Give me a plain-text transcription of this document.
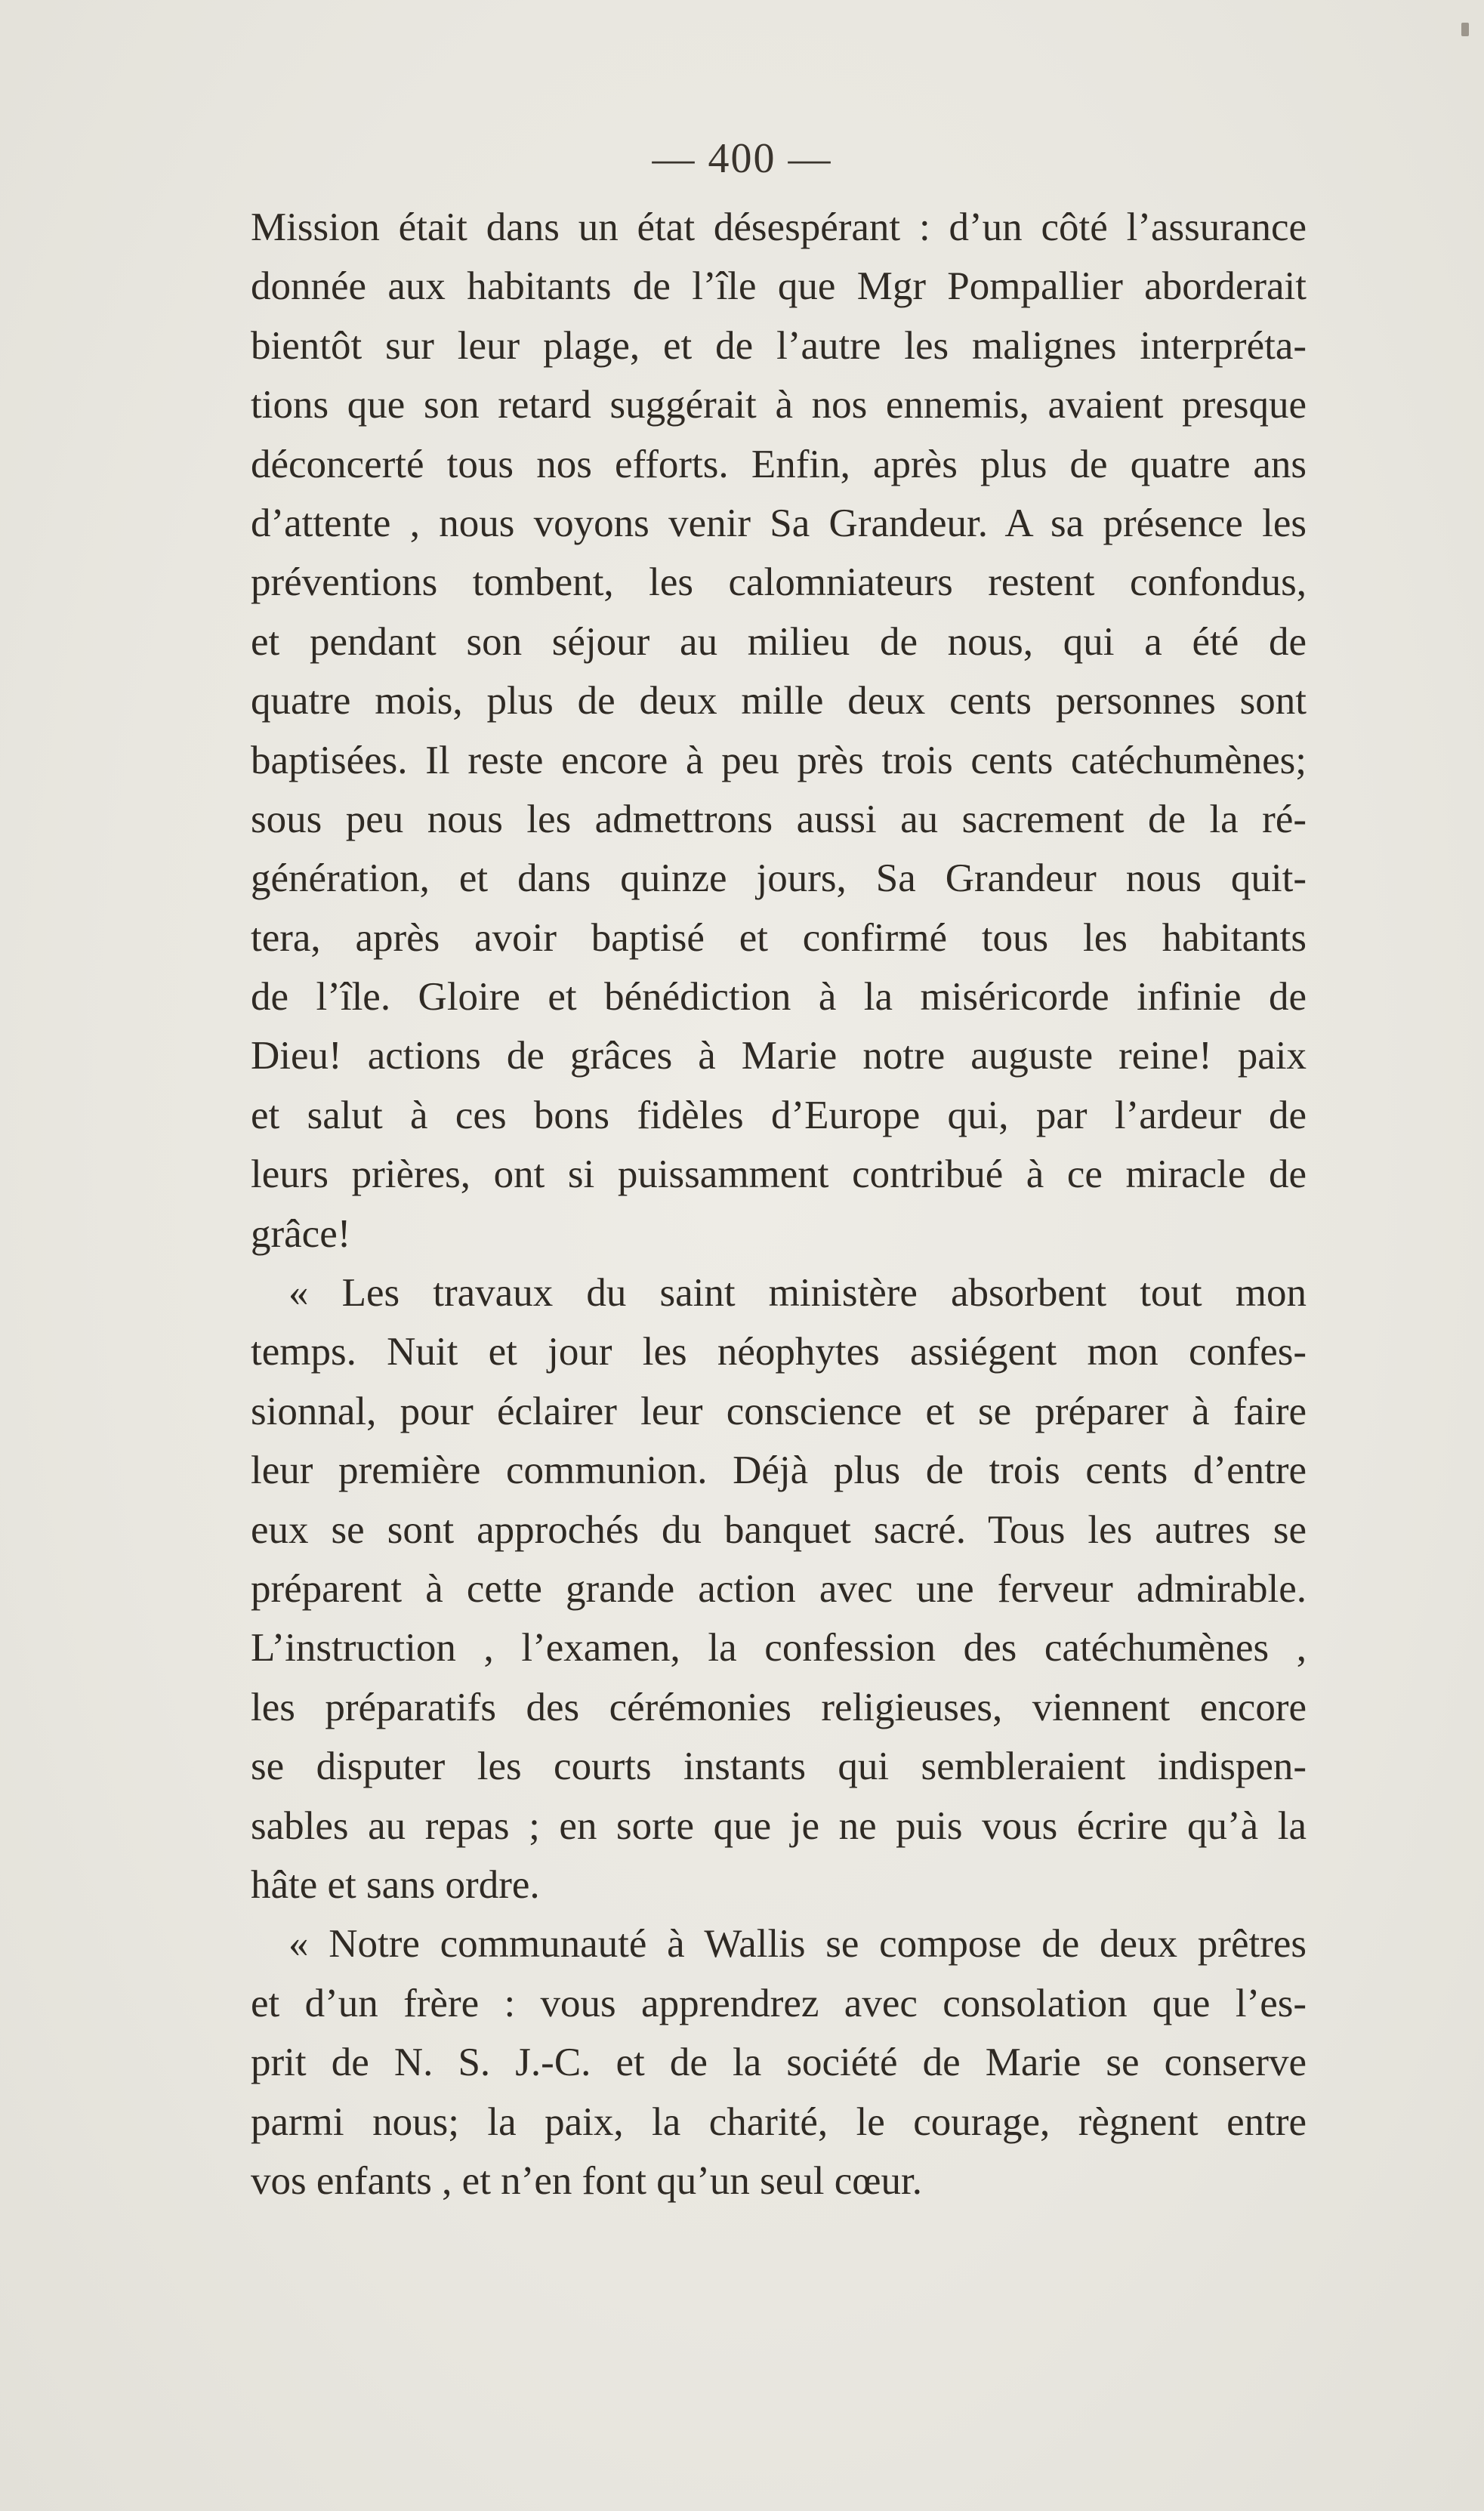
— 400 —
Mission était dans un état désespérant : d’un côté l’assurance
donnée aux habitants de l’île que Mgr Pompallier aborderait
bientôt sur leur plage, et de l’autre les malignes interpréta-
tions que son retard suggérait à nos ennemis, avaient presque
déconcerté tous nos efforts. Enfin, après plus de quatre ans
d’attente , nous voyons venir Sa Grandeur. A sa présence les
préventions tombent, les calomniateurs restent confondus,
et pendant son séjour au milieu de nous, qui a été de
quatre mois, plus de deux mille deux cents personnes sont
baptisées. Il reste encore à peu près trois cents catéchumènes;
sous peu nous les admettrons aussi au sacrement de la ré-
génération, et dans quinze jours, Sa Grandeur nous quit-
tera, après avoir baptisé et confirmé tous les habitants
de l’île. Gloire et bénédiction à la miséricorde infinie de
Dieu! actions de grâces à Marie notre auguste reine! paix
et salut à ces bons fidèles d’Europe qui, par l’ardeur de
leurs prières, ont si puissamment contribué à ce miracle de
grâce!
« Les travaux du saint ministère absorbent tout mon
temps. Nuit et jour les néophytes assiégent mon confes-
sionnal, pour éclairer leur conscience et se préparer à faire
leur première communion. Déjà plus de trois cents d’entre
eux se sont approchés du banquet sacré. Tous les autres se
préparent à cette grande action avec une ferveur admirable.
L’instruction , l’examen, la confession des catéchumènes ,
les préparatifs des cérémonies religieuses, viennent encore
se disputer les courts instants qui sembleraient indispen-
sables au repas ; en sorte que je ne puis vous écrire qu’à la
hâte et sans ordre.
« Notre communauté à Wallis se compose de deux prêtres
et d’un frère : vous apprendrez avec consolation que l’es-
prit de N. S. J.-C. et de la société de Marie se conserve
parmi nous; la paix, la charité, le courage, règnent entre
vos enfants , et n’en font qu’un seul cœur.
